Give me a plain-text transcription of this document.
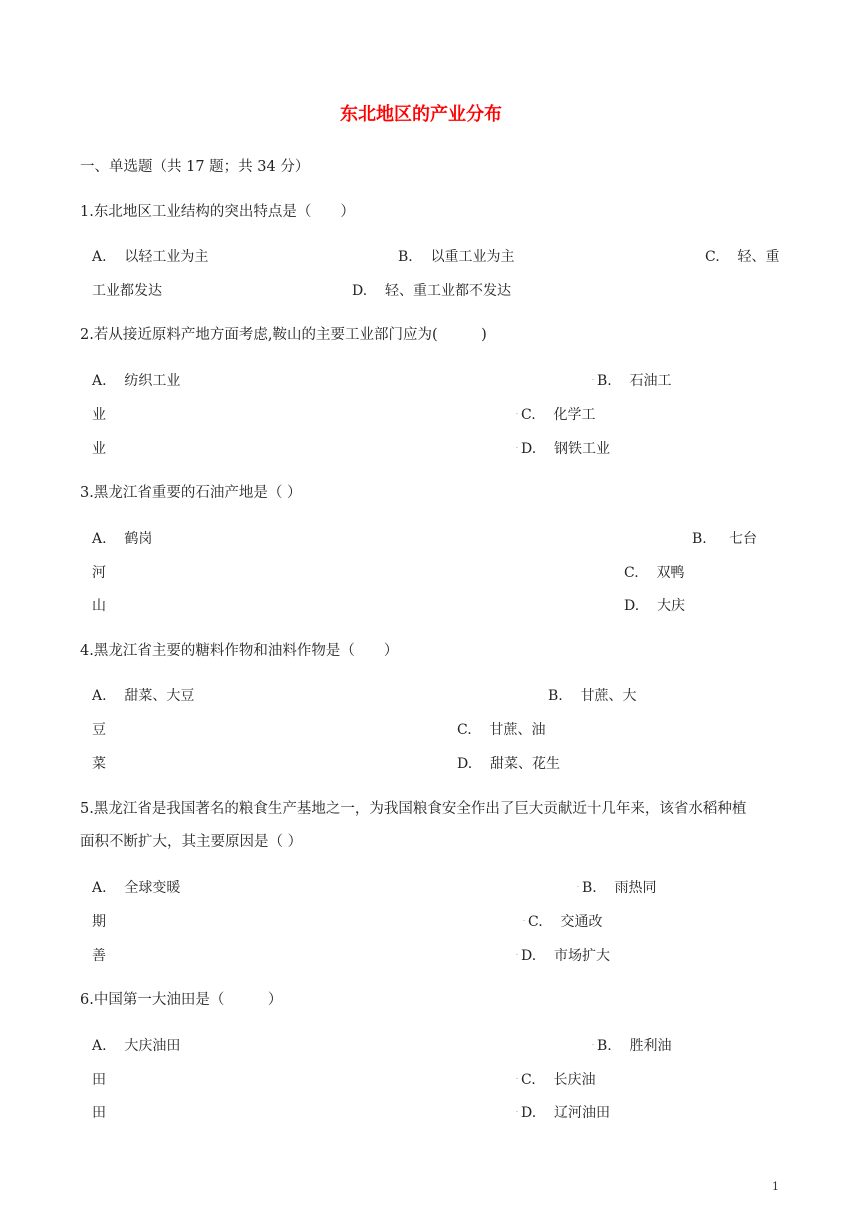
东北地区的产业分布
一、单选题（共 17 题；共 34 分）
1.东北地区工业结构的突出特点是（　　）
A. 以轻工业为主	B. 以重工业为主	C. 轻、重
工业都发达	D. 轻、重工业都不发达
2.若从接近原料产地方面考虑,鞍山的主要工业部门应为(　　　)
A. 纺织工业	· B. 石油工
业	· C. 化学工
业	· D. 钢铁工业
3.黑龙江省重要的石油产地是（ ）
A. 鹤岗	B. 七台
河	C. 双鸭
山	D. 大庆
4.黑龙江省主要的糖料作物和油料作物是（　　）
A. 甜菜、大豆	B. 甘蔗、大
豆	C. 甘蔗、油
菜	D. 甜菜、花生
5.黑龙江省是我国著名的粮食生产基地之一，为我国粮食安全作出了巨大贡献近十几年来，该省水稻种植
面积不断扩大，其主要原因是（ ）
A. 全球变暖	· B. 雨热同
期	· C. 交通改
善	· D. 市场扩大
6.中国第一大油田是（　　　）
A. 大庆油田	· B. 胜利油
田	· C. 长庆油
田	· D. 辽河油田
1
